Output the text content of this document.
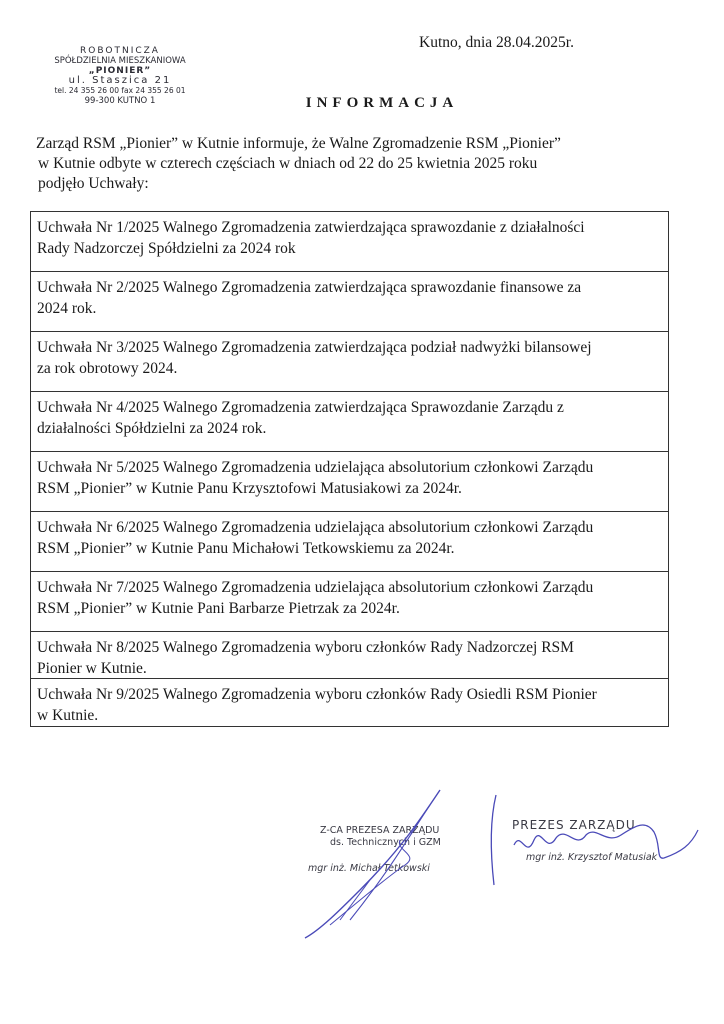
ROBOTNICZA
SPÓŁDZIELNIA MIESZKANIOWA
„PIONIER”
ul. Staszica 21
tel. 24 355 26 00 fax 24 355 26 01
99-300 KUTNO 1
Kutno, dnia 28.04.2025r.
INFORMACJA
Zarząd RSM „Pionier” w Kutnie informuje, że Walne Zgromadzenie RSM „Pionier”
w Kutnie odbyte w czterech częściach w dniach od 22 do 25 kwietnia 2025 roku
podjęło Uchwały:
Uchwała Nr 1/2025 Walnego Zgromadzenia zatwierdzająca sprawozdanie z działalności
Rady Nadzorczej Spółdzielni za 2024 rok
Uchwała Nr 2/2025 Walnego Zgromadzenia zatwierdzająca sprawozdanie finansowe za
2024 rok.
Uchwała Nr 3/2025 Walnego Zgromadzenia zatwierdzająca podział nadwyżki bilansowej
za rok obrotowy 2024.
Uchwała Nr 4/2025 Walnego Zgromadzenia zatwierdzająca Sprawozdanie Zarządu z
działalności Spółdzielni za 2024 rok.
Uchwała Nr 5/2025 Walnego Zgromadzenia udzielająca absolutorium członkowi Zarządu
RSM „Pionier” w Kutnie Panu Krzysztofowi Matusiakowi za 2024r.
Uchwała Nr 6/2025 Walnego Zgromadzenia udzielająca absolutorium członkowi Zarządu
RSM „Pionier” w Kutnie Panu Michałowi Tetkowskiemu za 2024r.
Uchwała Nr 7/2025 Walnego Zgromadzenia udzielająca absolutorium członkowi Zarządu
RSM „Pionier” w Kutnie Pani Barbarze Pietrzak za 2024r.
Uchwała Nr 8/2025 Walnego Zgromadzenia wyboru członków Rady Nadzorczej RSM
Pionier w Kutnie.
Uchwała Nr 9/2025 Walnego Zgromadzenia wyboru członków Rady Osiedli RSM Pionier
w Kutnie.
Z-CA PREZESA ZARZĄDU
ds. Technicznych i GZM
mgr inż. Michał Tetkowski
PREZES ZARZĄDU
mgr inż. Krzysztof Matusiak
